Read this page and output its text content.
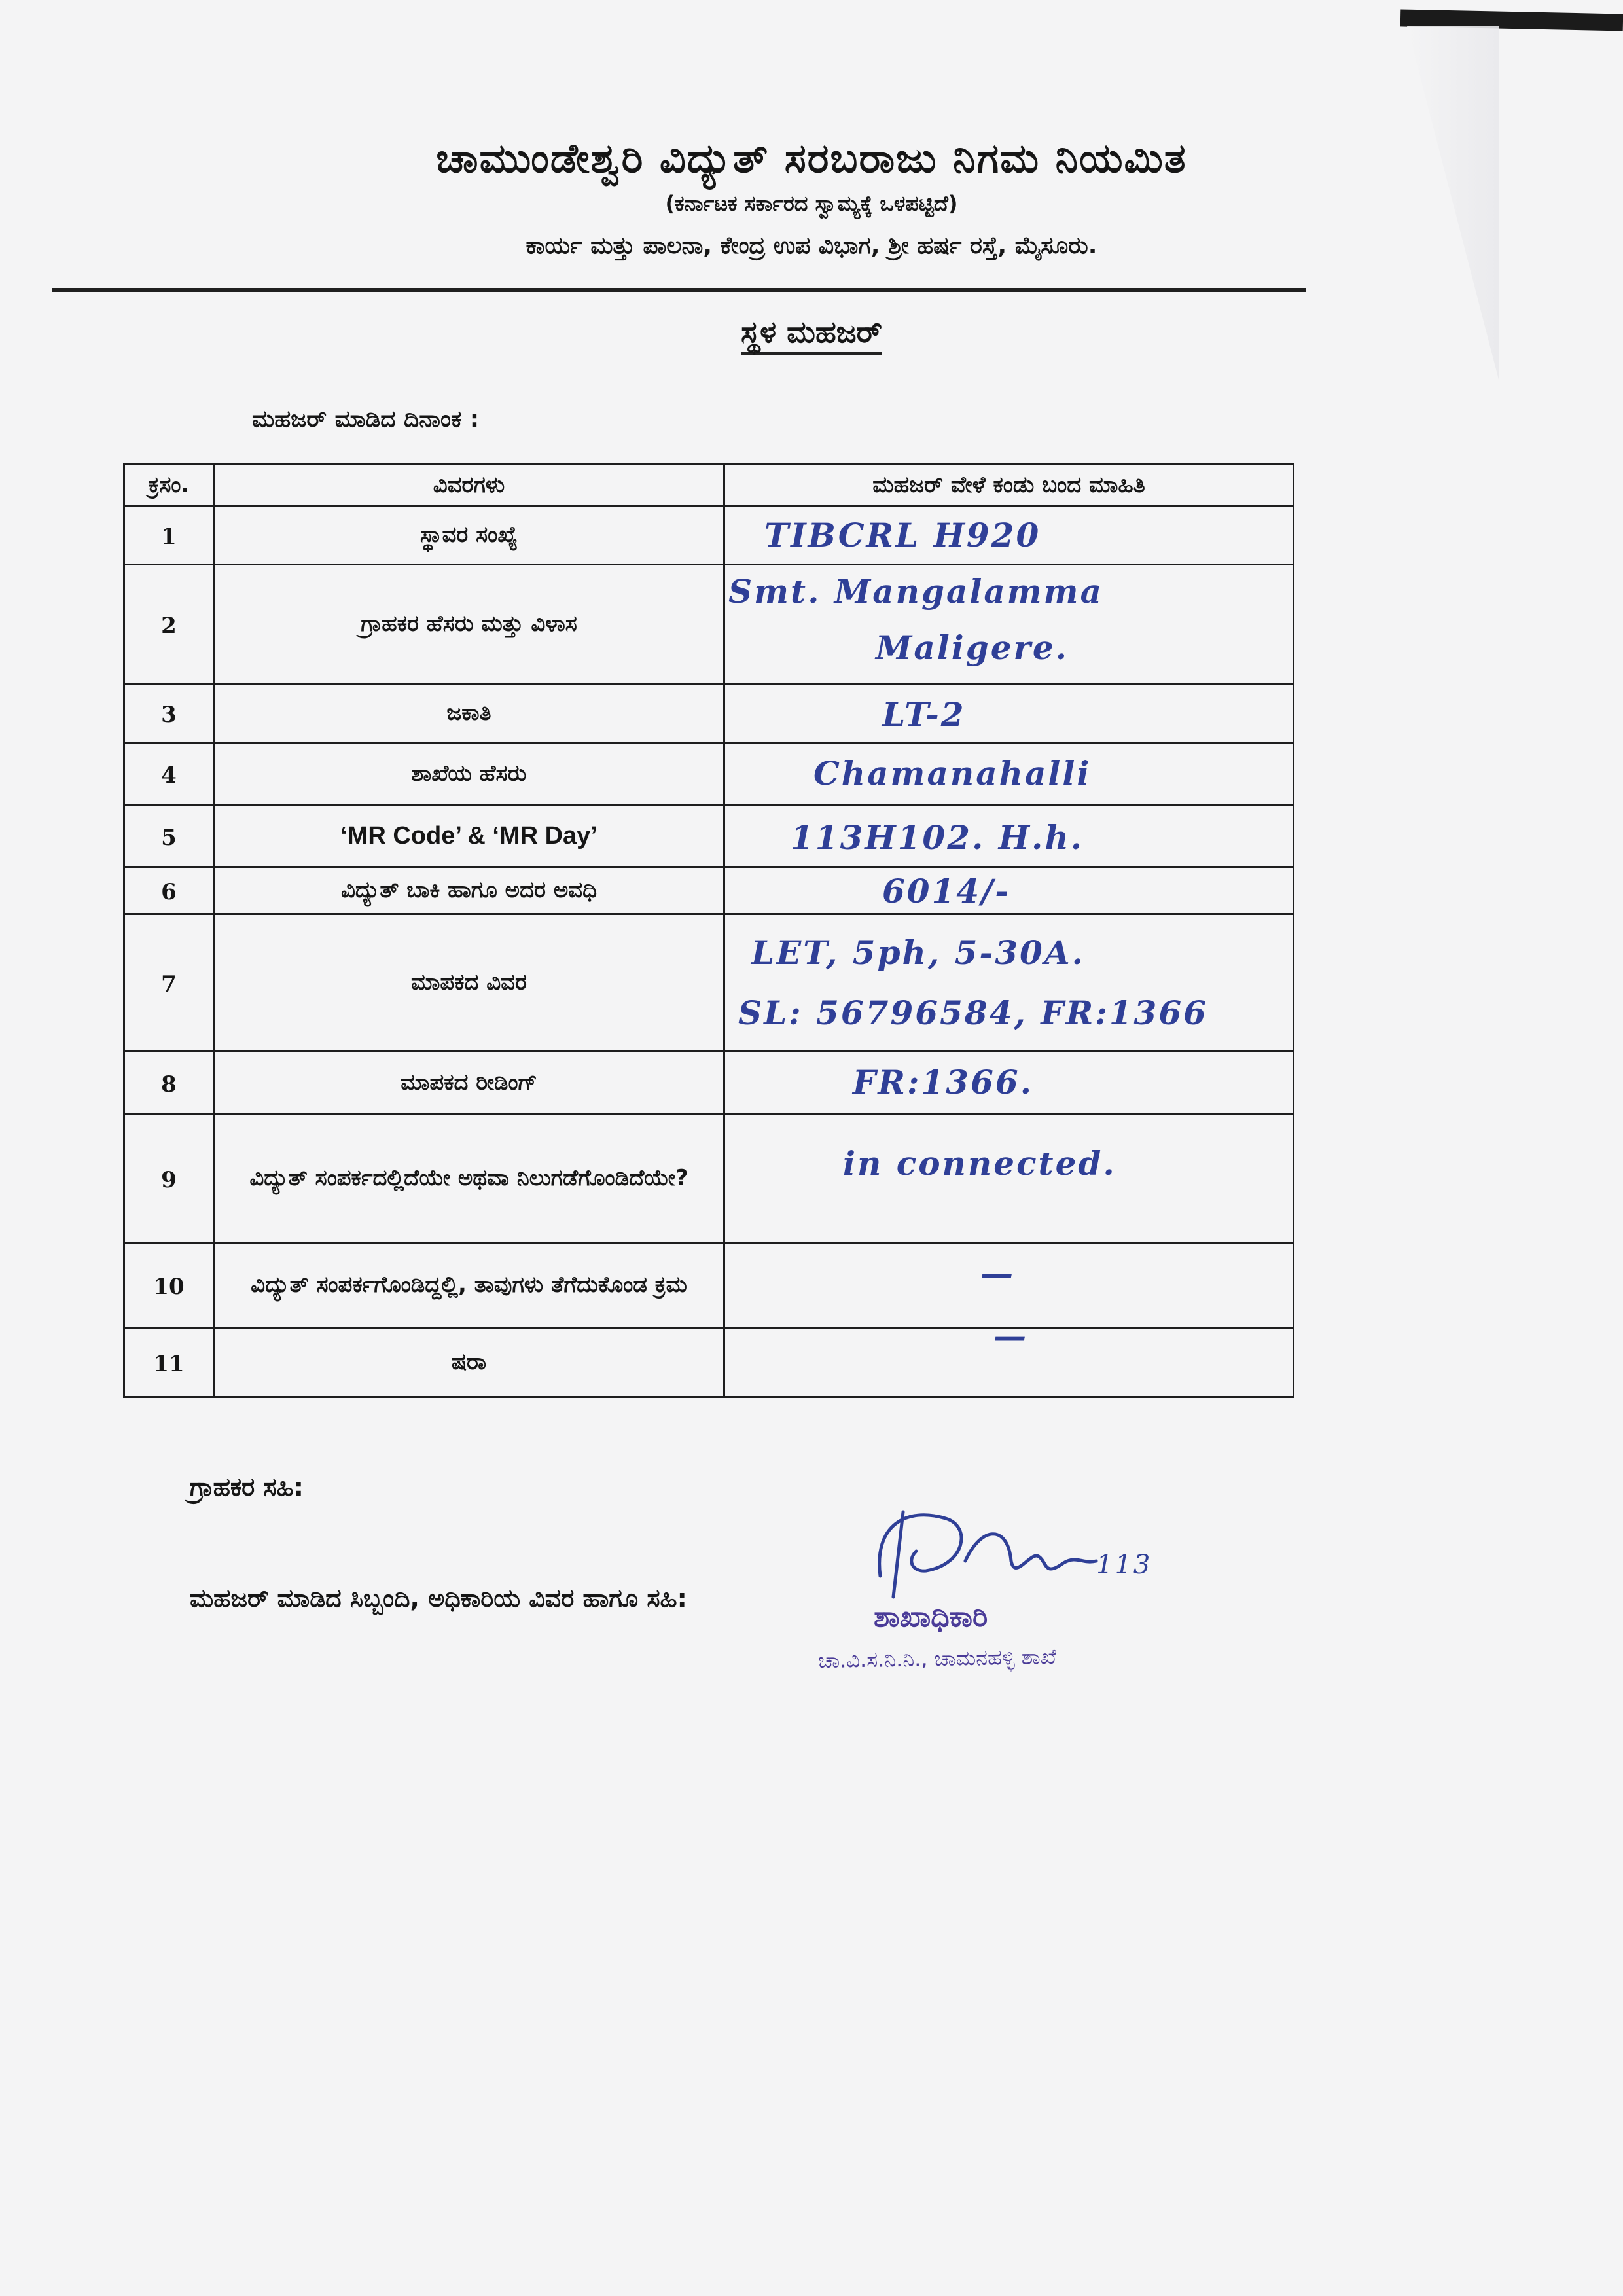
ಚಾಮುಂಡೇಶ್ವರಿ ವಿದ್ಯುತ್ ಸರಬರಾಜು ನಿಗಮ ನಿಯಮಿತ
(ಕರ್ನಾಟಕ ಸರ್ಕಾರದ ಸ್ವಾಮ್ಯಕ್ಕೆ ಒಳಪಟ್ಟಿದೆ)
ಕಾರ್ಯ ಮತ್ತು ಪಾಲನಾ, ಕೇಂದ್ರ ಉಪ ವಿಭಾಗ, ಶ್ರೀ ಹರ್ಷ ರಸ್ತೆ, ಮೈಸೂರು.
ಸ್ಥಳ ಮಹಜರ್
ಮಹಜರ್ ಮಾಡಿದ ದಿನಾಂಕ :
ಕ್ರಸಂ.	ವಿವರಗಳು	ಮಹಜರ್ ವೇಳೆ ಕಂಡು ಬಂದ ಮಾಹಿತಿ
1	ಸ್ಥಾವರ ಸಂಖ್ಯೆ	TIBCRL H920

2	ಗ್ರಾಹಕರ ಹೆಸರು ಮತ್ತು ವಿಳಾಸ	Smt. Mangalamma
Maligere.

3	ಜಕಾತಿ	LT-2

4	ಶಾಖೆಯ ಹೆಸರು	Chamanahalli

5	‘MR Code’ & ‘MR Day’	113H102. H.h.

6	ವಿದ್ಯುತ್ ಬಾಕಿ ಹಾಗೂ ಅದರ ಅವಧಿ	6014/-

7	ಮಾಪಕದ ವಿವರ	LET, 5ph, 5-30A.
SL: 56796584, FR:1366

8	ಮಾಪಕದ ರೀಡಿಂಗ್	FR:1366.

9	ವಿದ್ಯುತ್ ಸಂಪರ್ಕದಲ್ಲಿದೆಯೇ ಅಥವಾ ನಿಲುಗಡೆಗೊಂಡಿದೆಯೇ?	in connected.

10	ವಿದ್ಯುತ್ ಸಂಪರ್ಕಗೊಂಡಿದ್ದಲ್ಲಿ, ತಾವುಗಳು ತೆಗೆದುಕೊಂಡ ಕ್ರಮ	—

11	ಷರಾ	—
ಗ್ರಾಹಕರ ಸಹಿ:
ಮಹಜರ್ ಮಾಡಿದ ಸಿಬ್ಬಂದಿ, ಅಧಿಕಾರಿಯ ವಿವರ ಹಾಗೂ ಸಹಿ:
113
ಶಾಖಾಧಿಕಾರಿ
ಚಾ.ವಿ.ಸ.ನಿ.ನಿ., ಚಾಮನಹಳ್ಳಿ ಶಾಖೆ
